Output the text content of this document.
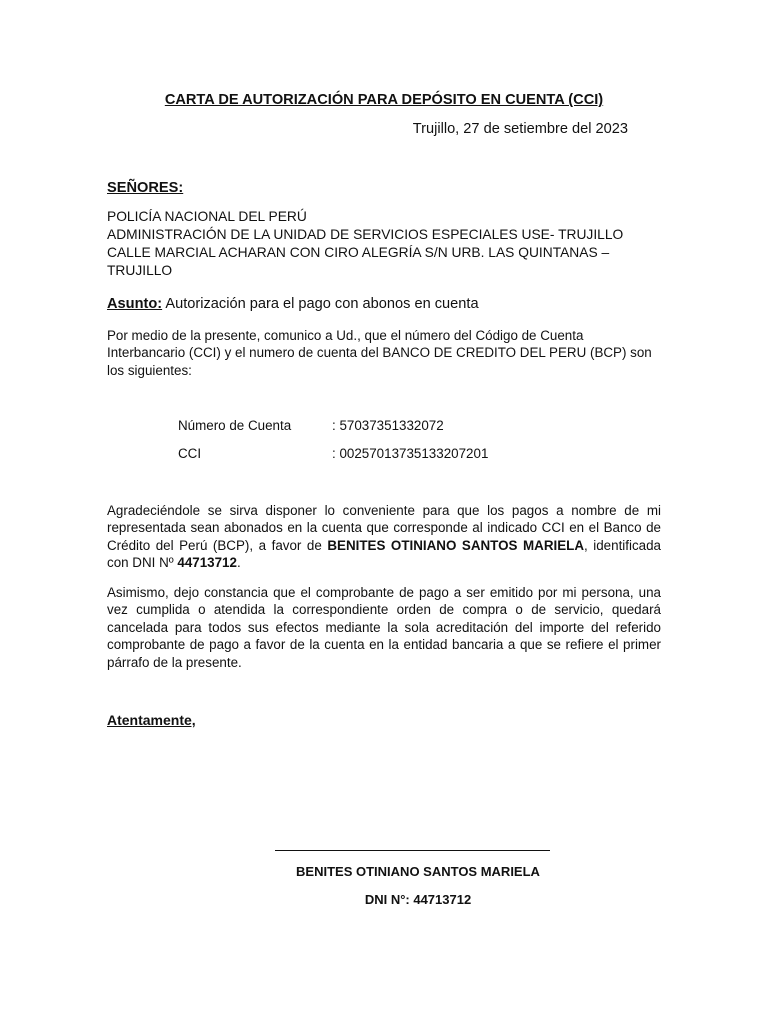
CARTA DE AUTORIZACIÓN PARA DEPÓSITO EN CUENTA (CCI)
Trujillo, 27 de setiembre del 2023
SEÑORES:
POLICÍA NACIONAL DEL PERÚ
ADMINISTRACIÓN DE LA UNIDAD DE SERVICIOS ESPECIALES USE- TRUJILLO
CALLE MARCIAL ACHARAN CON CIRO ALEGRÍA S/N URB. LAS QUINTANAS –
TRUJILLO
Asunto: Autorización para el pago con abonos en cuenta

Por medio de la presente, comunico a Ud., que el número del Código de Cuenta Interbancario (CCI) y el numero de cuenta del BANCO DE CREDITO DEL PERU (BCP) son los siguientes:

Número de Cuenta	: 57037351332072
CCI	: 00257013735133207201

Agradeciéndole se sirva disponer lo conveniente para que los pagos a nombre de mi representada sean abonados en la cuenta que corresponde al indicado CCI en el Banco de Crédito del Perú (BCP), a favor de BENITES OTINIANO SANTOS MARIELA, identificada con DNI Nº 44713712.

Asimismo, dejo constancia que el comprobante de pago a ser emitido por mi persona, una vez cumplida o atendida la correspondiente orden de compra o de servicio, quedará cancelada para todos sus efectos mediante la sola acreditación del importe del referido comprobante de pago a favor de la cuenta en la entidad bancaria a que se refiere el primer párrafo de la presente.

Atentamente,
BENITES OTINIANO SANTOS MARIELA
DNI N°: 44713712
